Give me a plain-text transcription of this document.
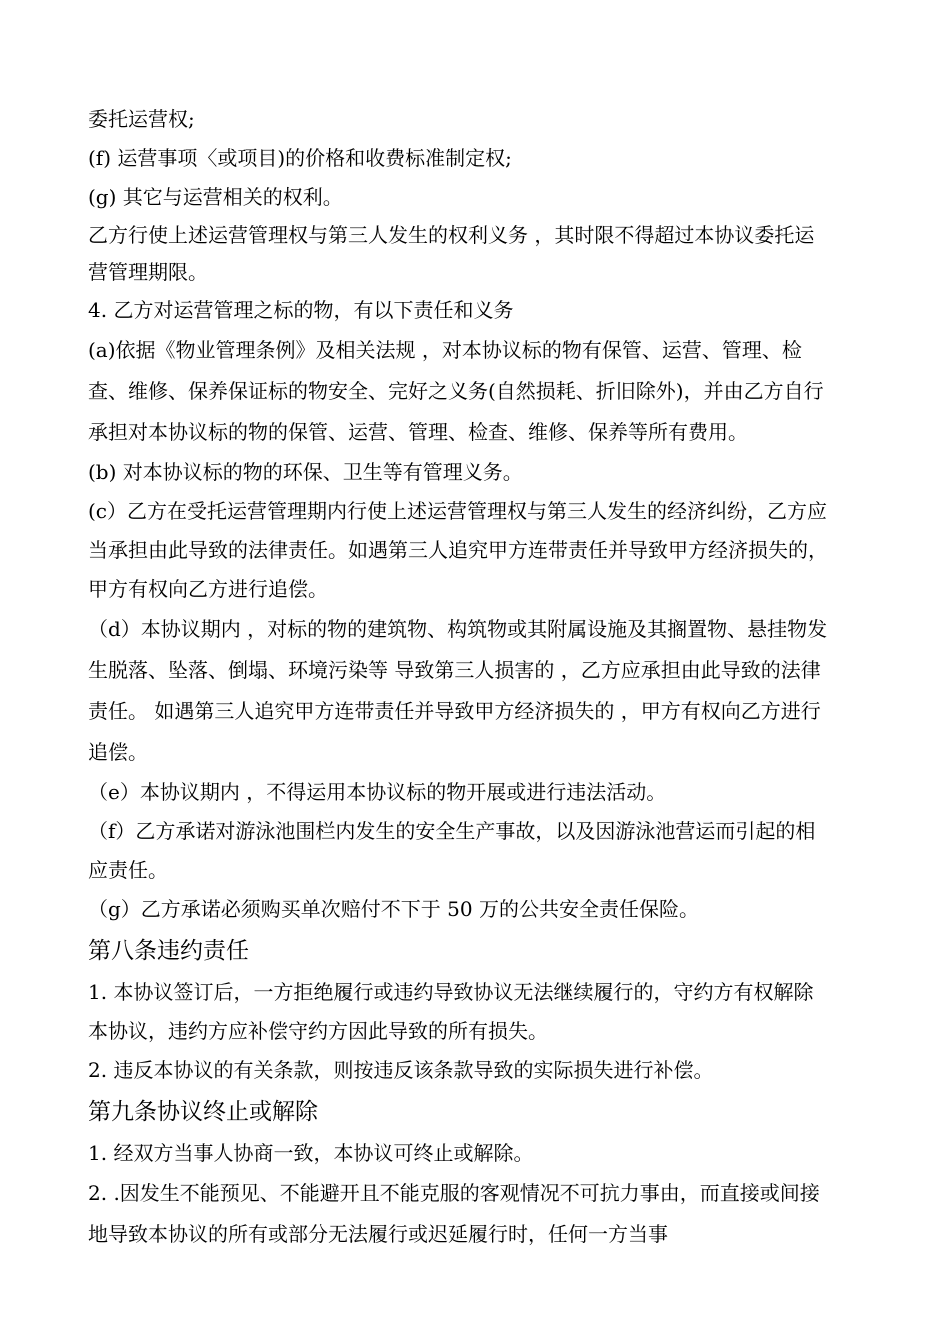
委托运营权;

(f) 运营事项〈或项目)的价格和收费标准制定权;

(g) 其它与运营相关的权利。

乙方行使上述运营管理权与第三人发生的权利义务 ，其时限不得超过本协议委托运营管理期限。

4. 乙方对运营管理之标的物，有以下责任和义务

(a)依据《物业管理条例》及相关法规 ，对本协议标的物有保管、运营、管理、检 查、维修、保养保证标的物安全、完好之义务(自然损耗、折旧除外)，并由乙方自行承担对本协议标的物的保管、运营、管理、检查、维修、保养等所有费用。

(b) 对本协议标的物的环保、卫生等有管理义务。

(c）乙方在受托运营管理期内行使上述运营管理权与第三人发生的经济纠纷，乙方应当承担由此导致的法律责任。如遇第三人追究甲方连带责任并导致甲方经济损失的，甲方有权向乙方进行追偿。

（d）本协议期内 ，对标的物的建筑物、构筑物或其附属设施及其搁置物、悬挂物发生脱落、坠落、倒塌、环境污染等 导致第三人损害的 ，乙方应承担由此导致的法律责任。 如遇第三人追究甲方连带责任并导致甲方经济损失的 ，甲方有权向乙方进行追偿。

（e）本协议期内 ，不得运用本协议标的物开展或进行违法活动。

（f）乙方承诺对游泳池围栏内发生的安全生产事故，以及因游泳池营运而引起的相应责任。

（g）乙方承诺必须购买单次赔付不下于 50 万的公共安全责任保险。

第八条违约责任

1. 本协议签订后，一方拒绝履行或违约导致协议无法继续履行的，守约方有权解除本协议，违约方应补偿守约方因此导致的所有损失。

2. 违反本协议的有关条款，则按违反该条款导致的实际损失进行补偿。

第九条协议终止或解除

1. 经双方当事人协商一致，本协议可终止或解除。

2. .因发生不能预见、不能避开且不能克服的客观情况不可抗力事由，而直接或间接地导致本协议的所有或部分无法履行或迟延履行时，任何一方当事
